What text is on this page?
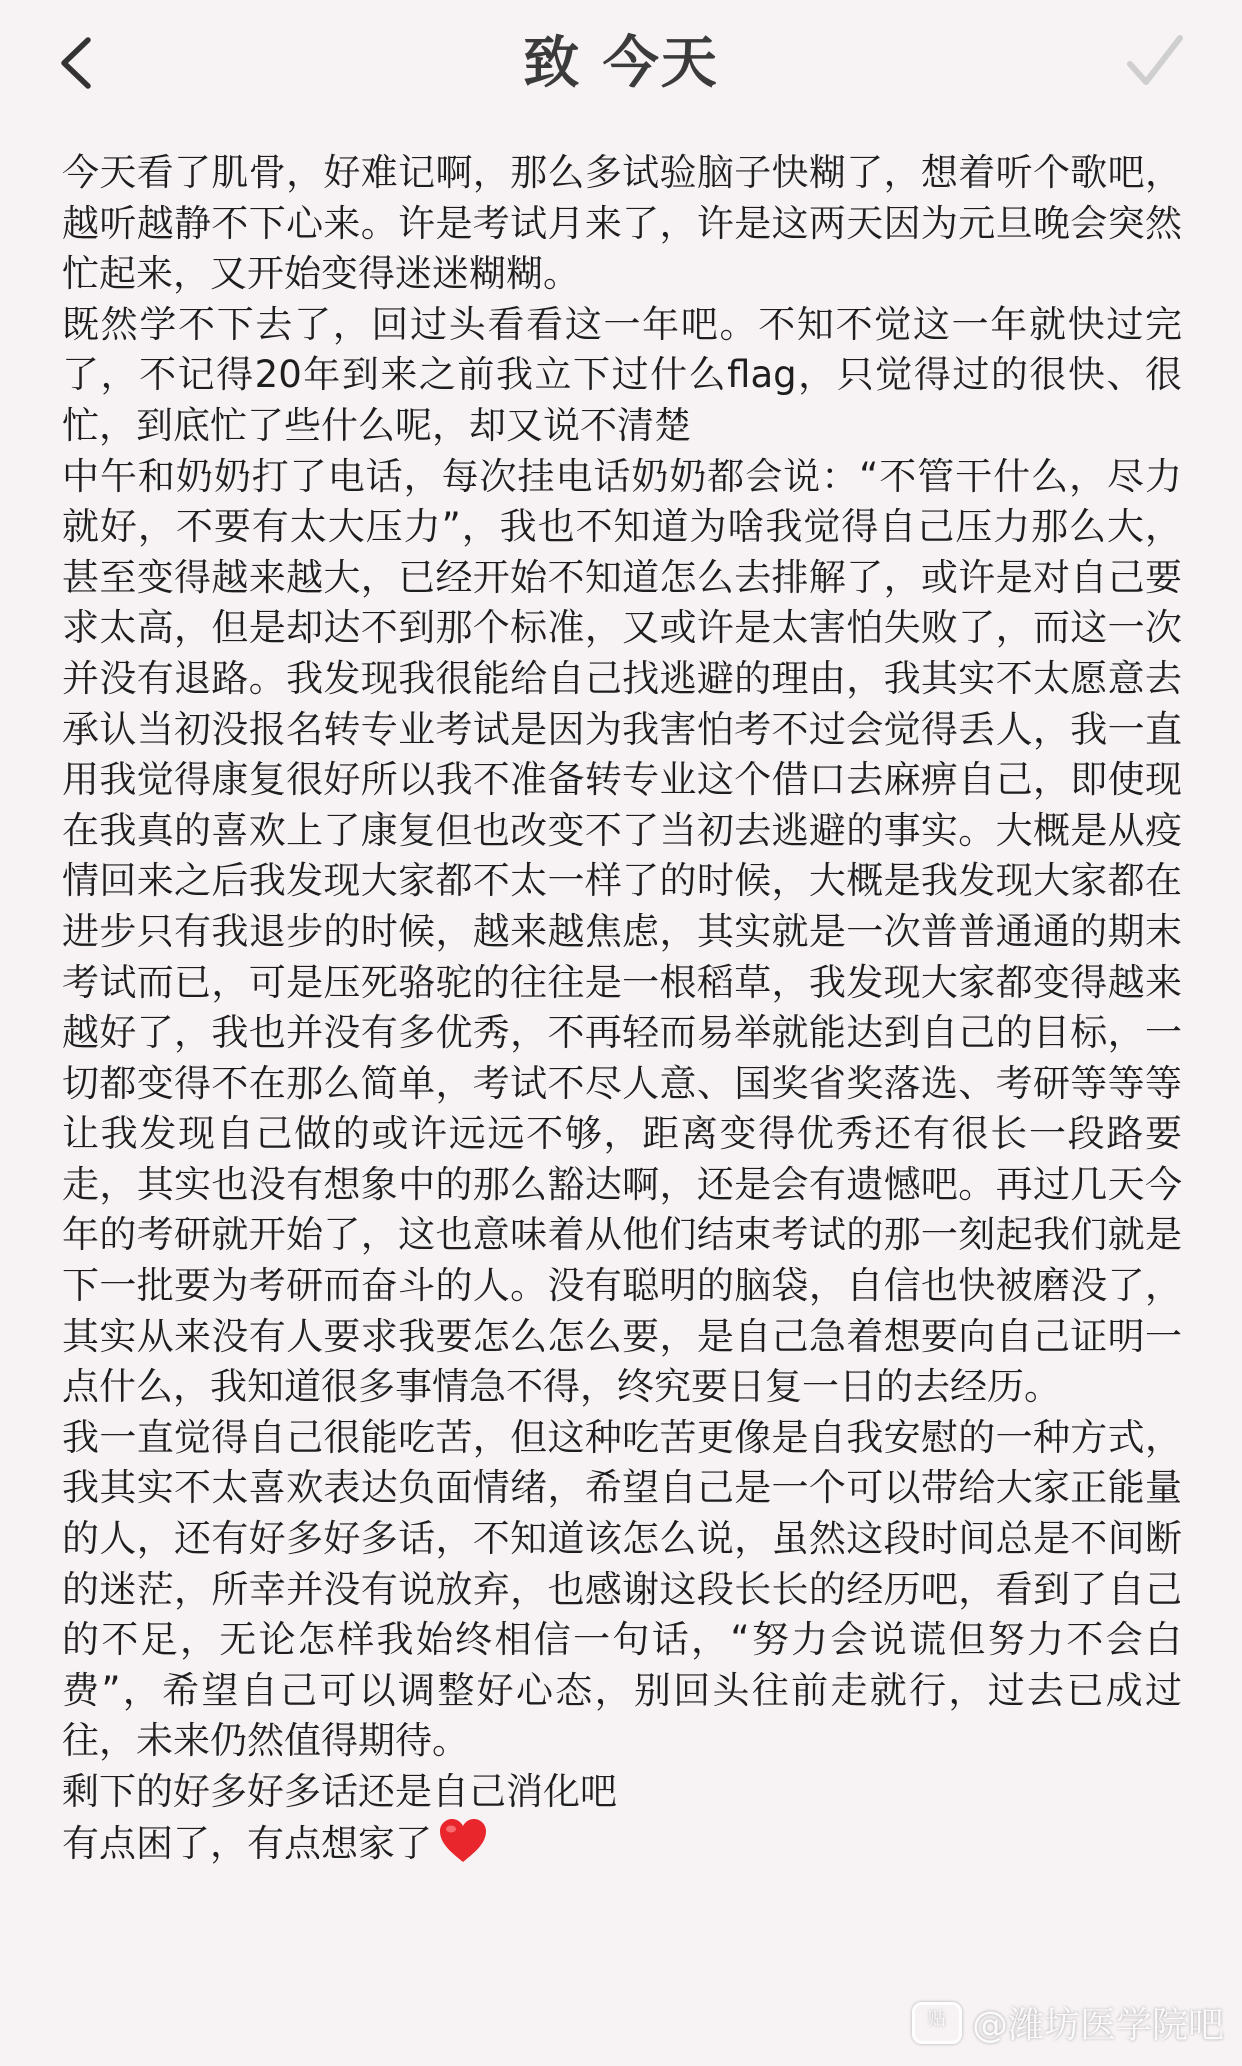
致 今天

今天看了肌骨，好难记啊，那么多试验脑子快糊了，想着听个歌吧，越听越静不下心来。许是考试月来了，许是这两天因为元旦晚会突然忙起来，又开始变得迷迷糊糊。

既然学不下去了，回过头看看这一年吧。不知不觉这一年就快过完了，不记得20年到来之前我立下过什么flag，只觉得过的很快、很忙，到底忙了些什么呢，却又说不清楚

中午和奶奶打了电话，每次挂电话奶奶都会说：“不管干什么，尽力就好，不要有太大压力”，我也不知道为啥我觉得自己压力那么大，甚至变得越来越大，已经开始不知道怎么去排解了，或许是对自己要求太高，但是却达不到那个标准，又或许是太害怕失败了，而这一次并没有退路。我发现我很能给自己找逃避的理由，我其实不太愿意去承认当初没报名转专业考试是因为我害怕考不过会觉得丢人，我一直用我觉得康复很好所以我不准备转专业这个借口去麻痹自己，即使现在我真的喜欢上了康复但也改变不了当初去逃避的事实。大概是从疫情回来之后我发现大家都不太一样了的时候，大概是我发现大家都在进步只有我退步的时候，越来越焦虑，其实就是一次普普通通的期末考试而已，可是压死骆驼的往往是一根稻草，我发现大家都变得越来越好了，我也并没有多优秀，不再轻而易举就能达到自己的目标，一切都变得不在那么简单，考试不尽人意、国奖省奖落选、考研等等等让我发现自己做的或许远远不够，距离变得优秀还有很长一段路要走，其实也没有想象中的那么豁达啊，还是会有遗憾吧。再过几天今年的考研就开始了，这也意味着从他们结束考试的那一刻起我们就是下一批要为考研而奋斗的人。没有聪明的脑袋，自信也快被磨没了，其实从来没有人要求我要怎么怎么要，是自己急着想要向自己证明一点什么，我知道很多事情急不得，终究要日复一日的去经历。

我一直觉得自己很能吃苦，但这种吃苦更像是自我安慰的一种方式，我其实不太喜欢表达负面情绪，希望自己是一个可以带给大家正能量的人，还有好多好多话，不知道该怎么说，虽然这段时间总是不间断的迷茫，所幸并没有说放弃，也感谢这段长长的经历吧，看到了自己的不足，无论怎样我始终相信一句话，“努力会说谎但努力不会白费”，希望自己可以调整好心态，别回头往前走就行，过去已成过往，未来仍然值得期待。

剩下的好多好多话还是自己消化吧

有点困了，有点想家了

贴 @潍坊医学院吧
